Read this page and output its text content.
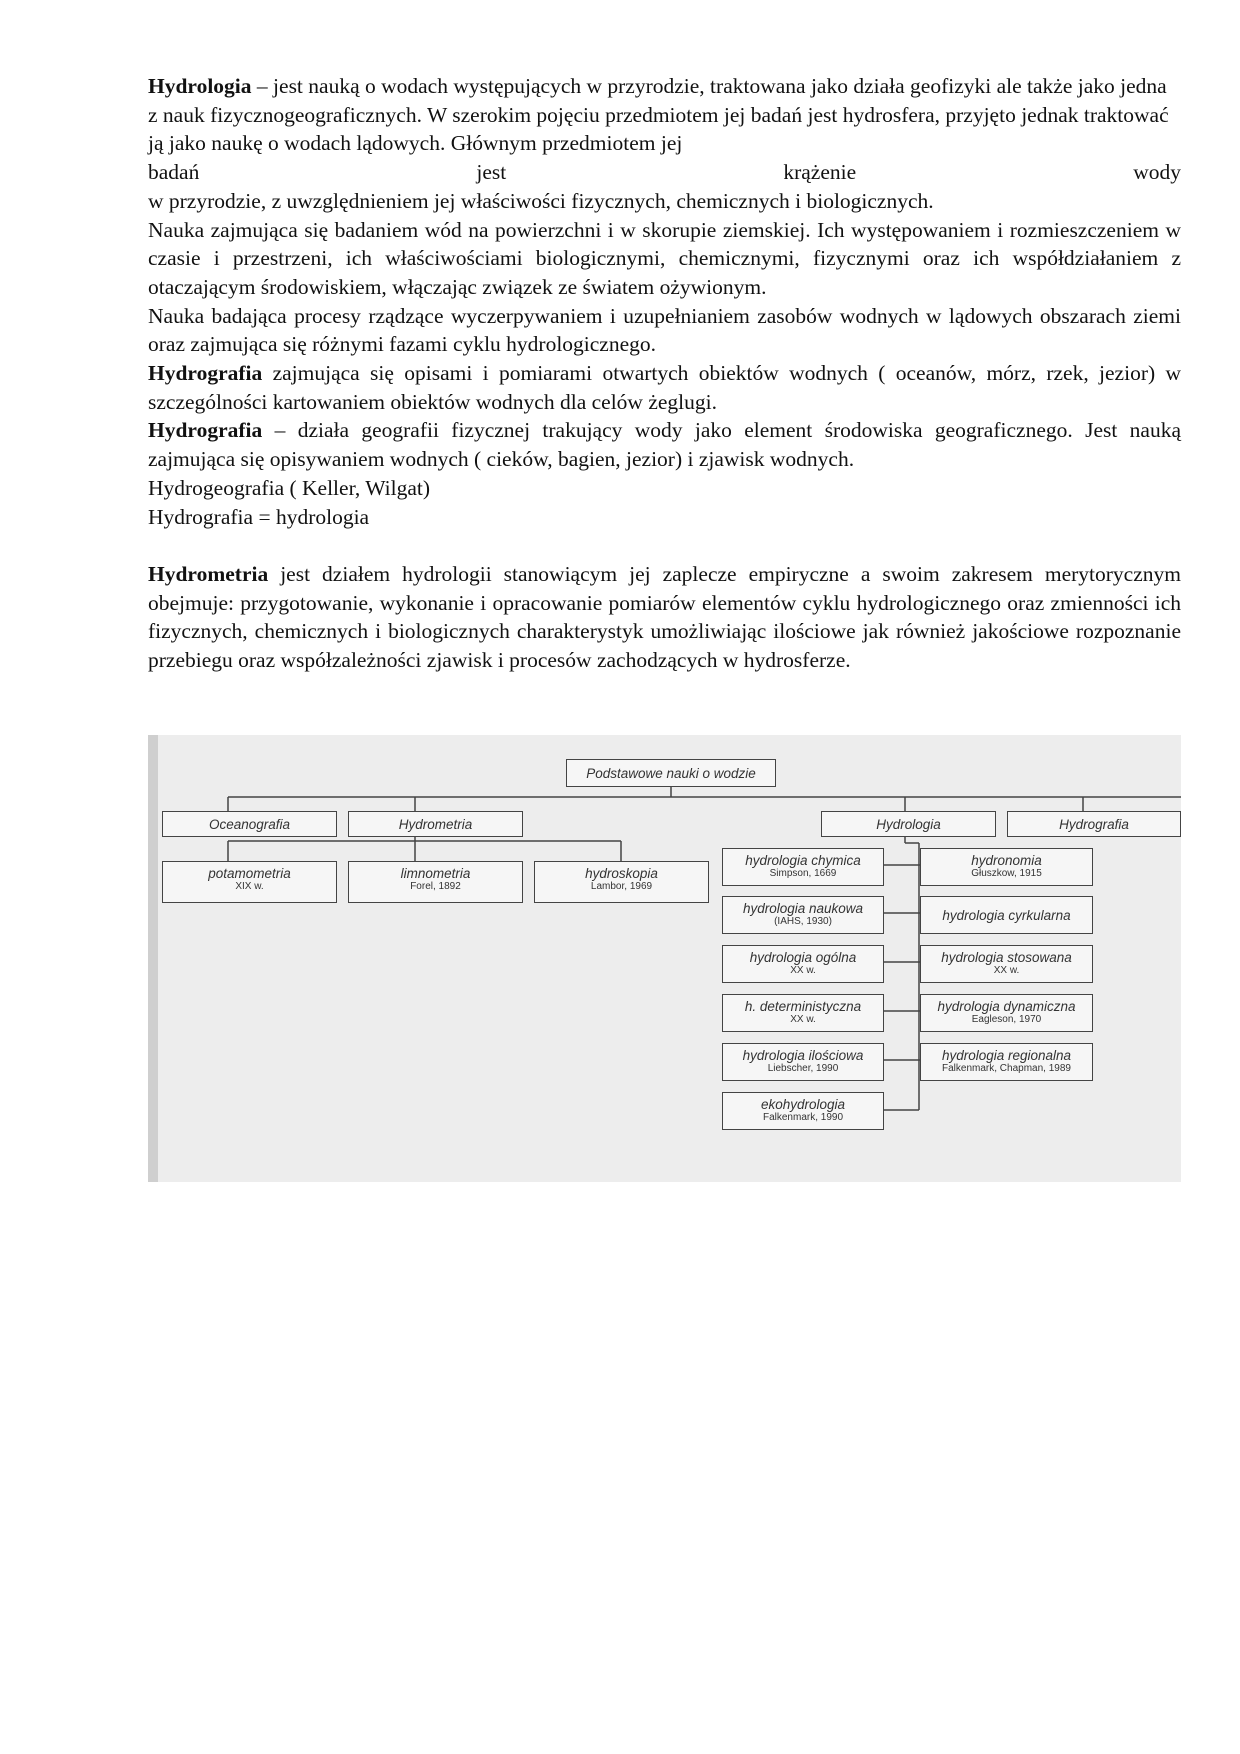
Hydrologia – jest nauką o wodach występujących w przyrodzie, traktowana jako działa geofizyki ale także jako jedna z nauk fizycznogeograficznych. W szerokim pojęciu przedmiotem jej badań jest hydrosfera, przyjęto jednak traktować ją jako naukę o wodach lądowych. Głównym przedmiotem jej

badań	jest	krążenie	wody

w przyrodzie, z uwzględnieniem jej właściwości fizycznych, chemicznych i biologicznych.

Nauka zajmująca się badaniem wód na powierzchni i w skorupie ziemskiej. Ich występowaniem i rozmieszczeniem w czasie i przestrzeni, ich właściwościami biologicznymi, chemicznymi, fizycznymi oraz ich współdziałaniem z otaczającym środowiskiem, włączając związek ze światem ożywionym.

Nauka badająca procesy rządzące wyczerpywaniem i uzupełnianiem zasobów wodnych w lądowych obszarach ziemi oraz zajmująca się różnymi fazami cyklu hydrologicznego.

Hydrografia zajmująca się opisami i pomiarami otwartych obiektów wodnych ( oceanów, mórz, rzek, jezior) w szczególności kartowaniem obiektów wodnych dla celów żeglugi.

Hydrografia – działa geografii fizycznej trakujący wody jako element środowiska geograficznego. Jest nauką zajmująca się opisywaniem wodnych ( cieków, bagien, jezior) i zjawisk wodnych.

Hydrogeografia ( Keller, Wilgat)

Hydrografia = hydrologia

Hydrometria jest działem hydrologii stanowiącym jej zaplecze empiryczne a swoim zakresem merytorycznym obejmuje: przygotowanie, wykonanie i opracowanie pomiarów elementów cyklu hydrologicznego oraz zmienności ich fizycznych, chemicznych i biologicznych charakterystyk umożliwiając ilościowe jak również jakościowe rozpoznanie przebiegu oraz współzależności zjawisk i procesów zachodzących w hydrosferze.

Podstawowe nauki o wodzie
Oceanografia	Hydrometria	Hydrologia	Hydrografia
potamometria
XIX w.
limnometria
Forel, 1892
hydroskopia
Lambor, 1969
hydrologia chymica
Simpson, 1669
hydrologia naukowa
(IAHS, 1930)
hydrologia ogólna
XX w.
h. deterministyczna
XX w.
hydrologia ilościowa
Liebscher, 1990
ekohydrologia
Falkenmark, 1990
hydronomia
Głuszkow, 1915
hydrologia cyrkularna
hydrologia stosowana
XX w.
hydrologia dynamiczna
Eagleson, 1970
hydrologia regionalna
Falkenmark, Chapman, 1989
